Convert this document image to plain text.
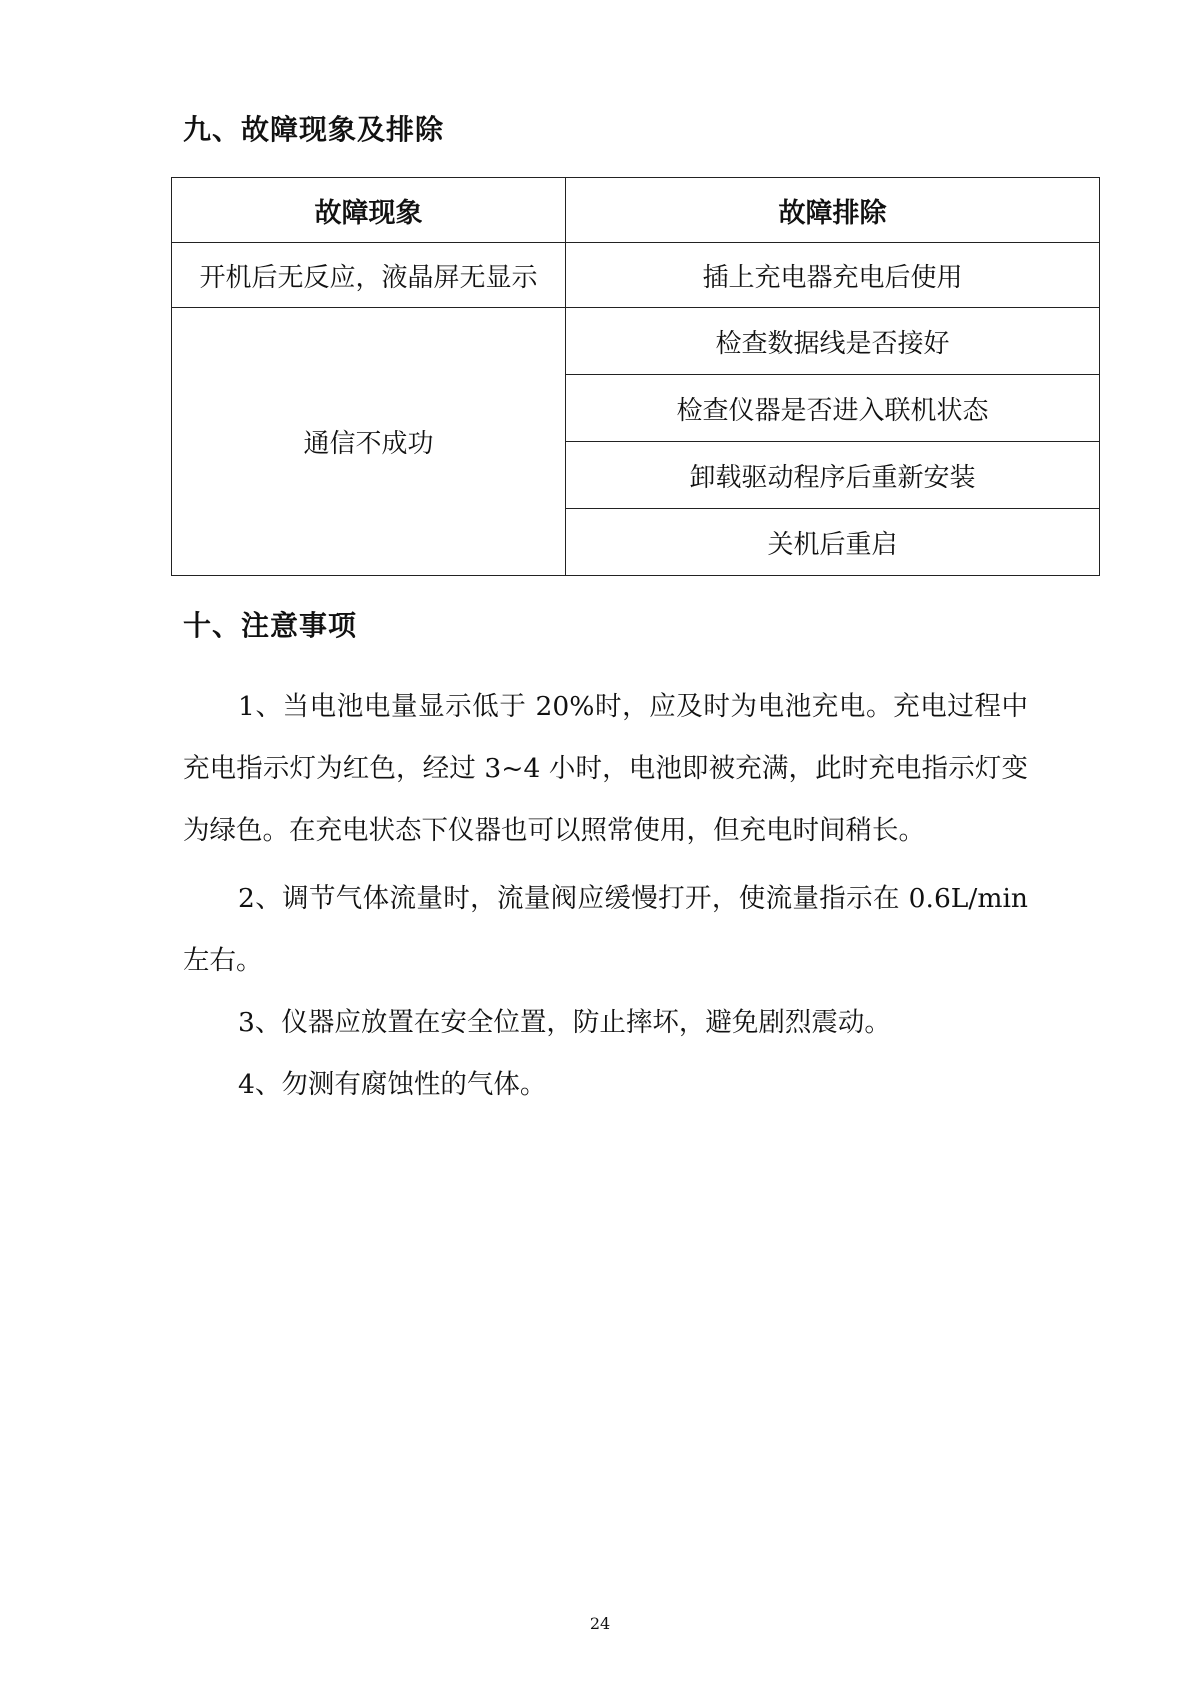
九、故障现象及排除
故障现象	故障排除
开机后无反应，液晶屏无显示	插上充电器充电后使用
通信不成功	检查数据线是否接好
	检查仪器是否进入联机状态
	卸载驱动程序后重新安装
	关机后重启
十、注意事项

1、当电池电量显示低于 20%时，应及时为电池充电。充电过程中充电指示灯为红色，经过 3~4 小时，电池即被充满，此时充电指示灯变为绿色。在充电状态下仪器也可以照常使用，但充电时间稍长。

2、调节气体流量时，流量阀应缓慢打开，使流量指示在 0.6L/min 左右。

3、仪器应放置在安全位置，防止摔坏，避免剧烈震动。

4、勿测有腐蚀性的气体。

24
